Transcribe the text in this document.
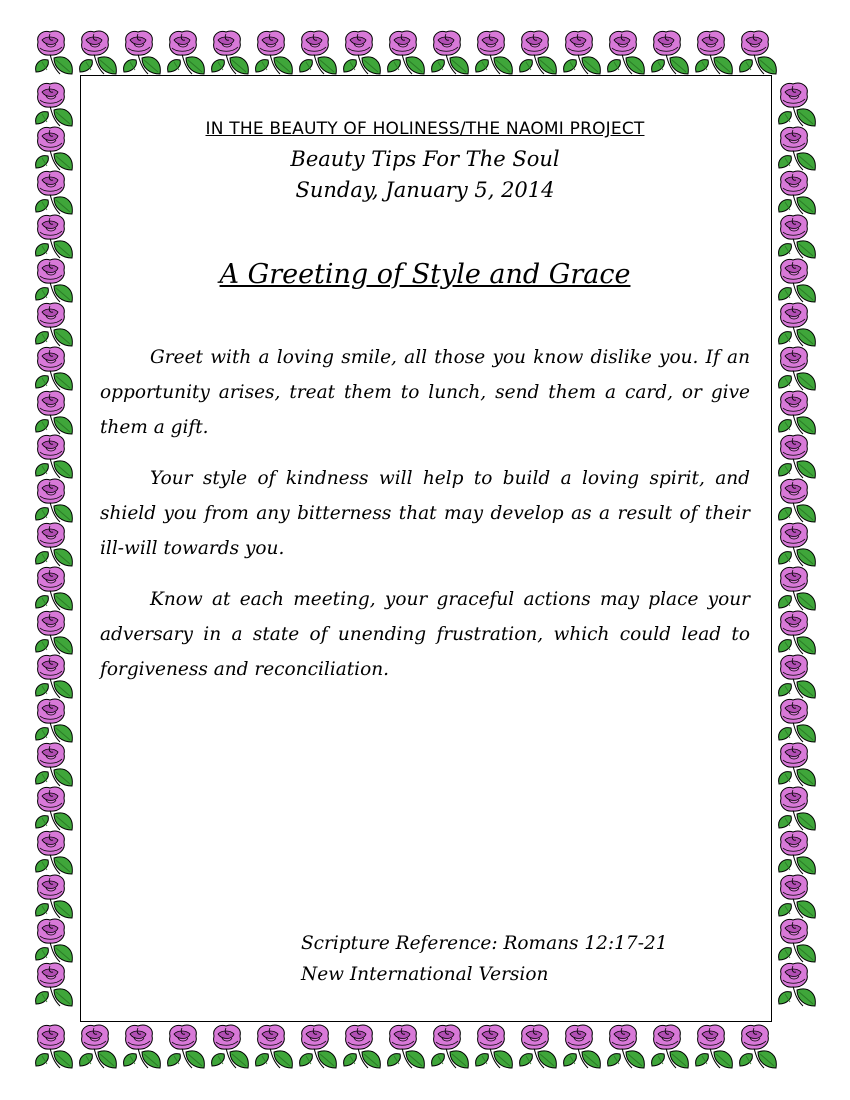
IN THE BEAUTY OF HOLINESS/THE NAOMI PROJECT
Beauty Tips For The Soul
Sunday, January 5, 2014
A Greeting of Style and Grace

Greet with a loving smile, all those you know dislike you. If an opportunity arises, treat them to lunch, send them a card, or give them a gift.

Your style of kindness will help to build a loving spirit, and shield you from any bitterness that may develop as a result of their ill-will towards you.

Know at each meeting, your graceful actions may place your adversary in a state of unending frustration, which could lead to forgiveness and reconciliation.

Scripture Reference: Romans 12:17-21
New International Version
